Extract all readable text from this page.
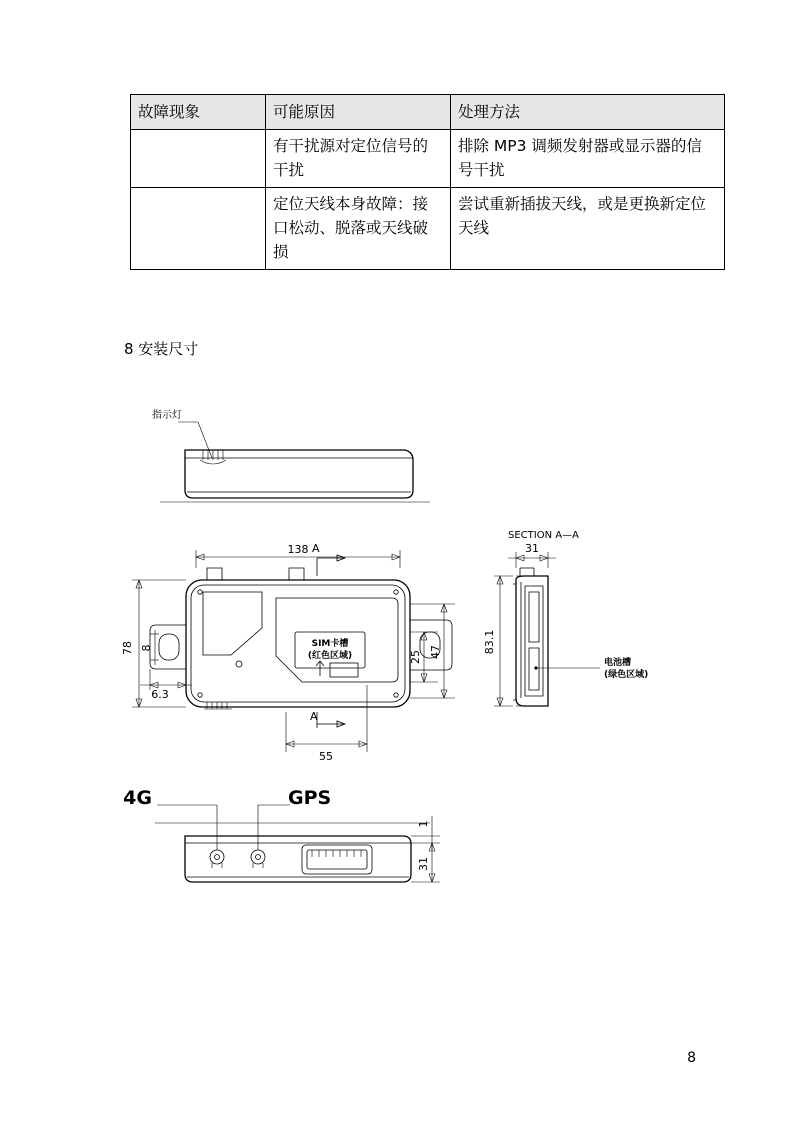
故障现象	可能原因	处理方法
	有干扰源对定位信号的干扰	排除 MP3 调频发射器或显示器的信号干扰
	定位天线本身故障：接口松动、脱落或天线破损	尝试重新插拔天线，或是更换新定位天线
8 安装尺寸
指示灯
SIM卡槽
(红色区域)
138 A
78 8
6.3
25 47
A
55
SECTION A—A
31
83.1
电池槽
(绿色区域)
4G	GPS
1
31
8
